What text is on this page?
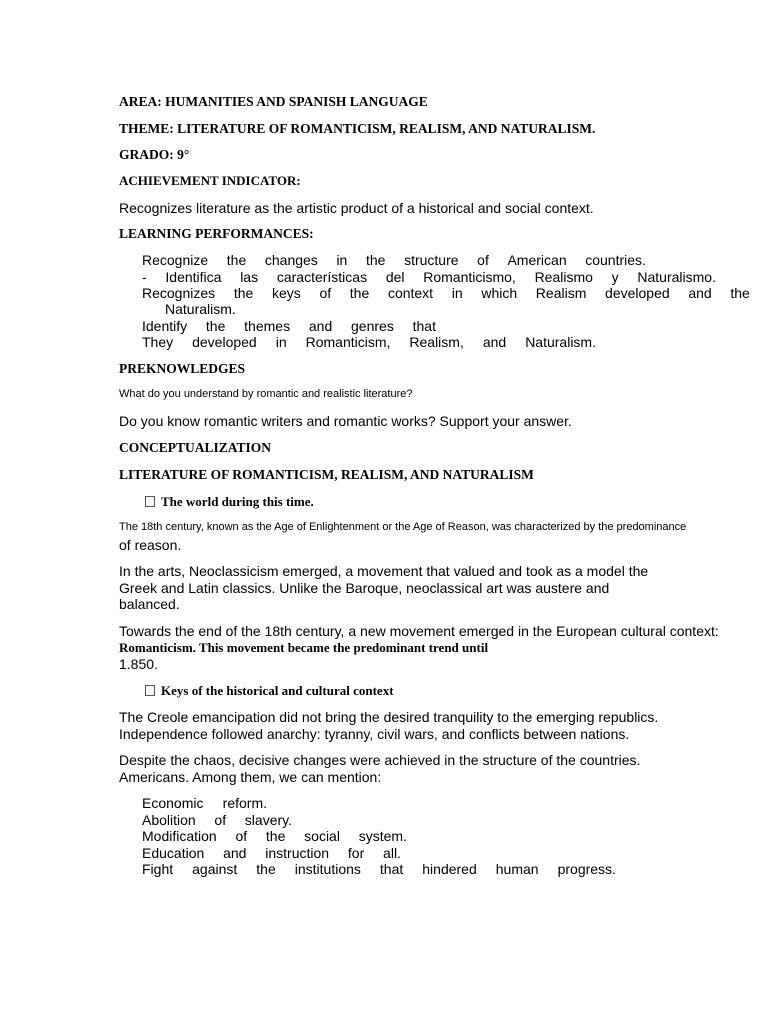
AREA: HUMANITIES AND SPANISH LANGUAGE
THEME: LITERATURE OF ROMANTICISM, REALISM, AND NATURALISM.
GRADO: 9°
ACHIEVEMENT INDICATOR:
Recognizes literature as the artistic product of a historical and social context.
LEARNING PERFORMANCES:
Recognize the changes in the structure of American countries.
- Identifica las características del Romanticismo, Realismo y Naturalismo.
Recognizes the keys of the context in which Realism developed and the
Naturalism.
Identify the themes and genres that
They developed in Romanticism, Realism, and Naturalism.
PREKNOWLEDGES
What do you understand by romantic and realistic literature?
Do you know romantic writers and romantic works? Support your answer.
CONCEPTUALIZATION
LITERATURE OF ROMANTICISM, REALISM, AND NATURALISM
The world during this time.
The 18th century, known as the Age of Enlightenment or the Age of Reason, was characterized by the predominance
of reason.
In the arts, Neoclassicism emerged, a movement that valued and took as a model the
Greek and Latin classics. Unlike the Baroque, neoclassical art was austere and
balanced.
Towards the end of the 18th century, a new movement emerged in the European cultural context:
Romanticism. This movement became the predominant trend until
1.850.
Keys of the historical and cultural context
The Creole emancipation did not bring the desired tranquility to the emerging republics.
Independence followed anarchy: tyranny, civil wars, and conflicts between nations.
Despite the chaos, decisive changes were achieved in the structure of the countries.
Americans. Among them, we can mention:
Economic reform.
Abolition of slavery.
Modification of the social system.
Education and instruction for all.
Fight against the institutions that hindered human progress.
